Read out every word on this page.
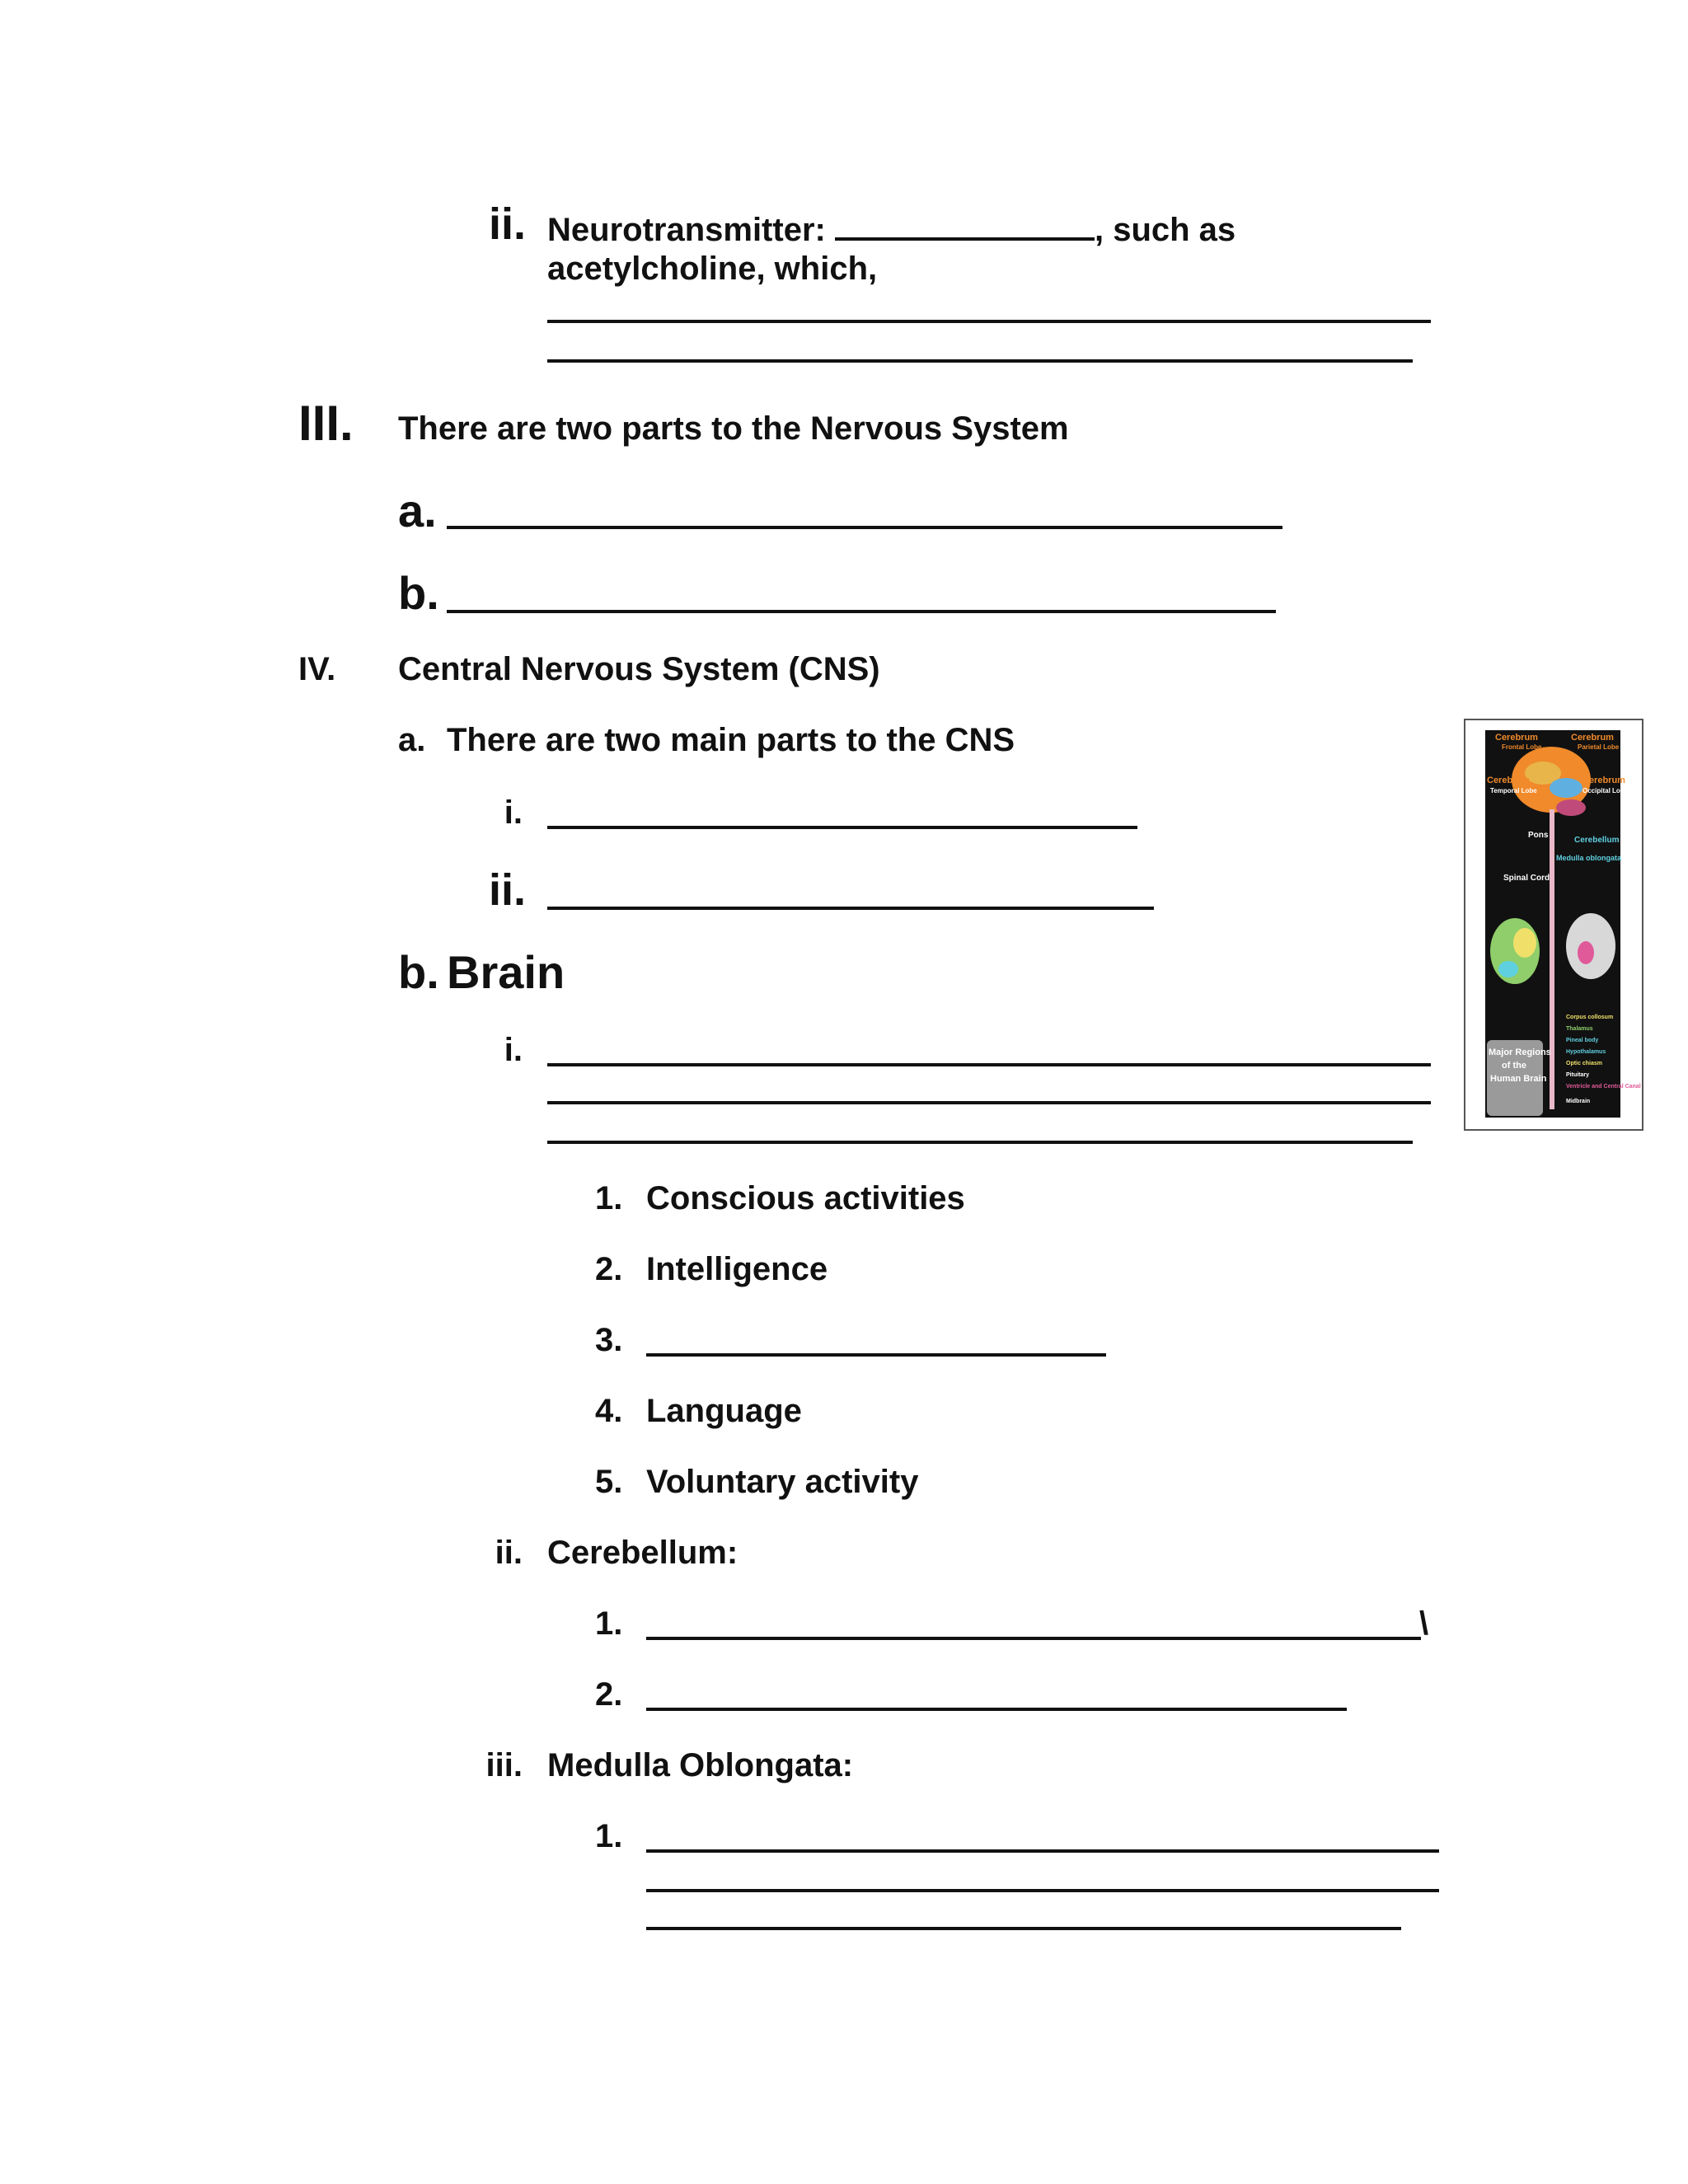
ii. Neurotransmitter:	, such as
acetylcholine, which,
III. There are two parts to the Nervous System
a.
b.
IV. Central Nervous System (CNS)
a. There are two main parts to the CNS
i.
ii.
b. Brain
i.
1. Conscious activities
2. Intelligence
3.
4. Language
5. Voluntary activity
ii. Cerebellum:
1.	\
2.
iii. Medulla Oblongata:
1.
Cerebrum
Frontal Lobe
Cerebrum
Parietal Lobe
Cerebrum
Temporal Lobe
Cerebrum
Occipital Lobe
Pons
Cerebellum
Medulla oblongata
Spinal Cord
Major Regions
of the
Human Brain
Corpus collosum
Thalamus
Pineal body
Hypothalamus
Optic chiasm
Pituitary
Ventricle and Central Canal
Midbrain
